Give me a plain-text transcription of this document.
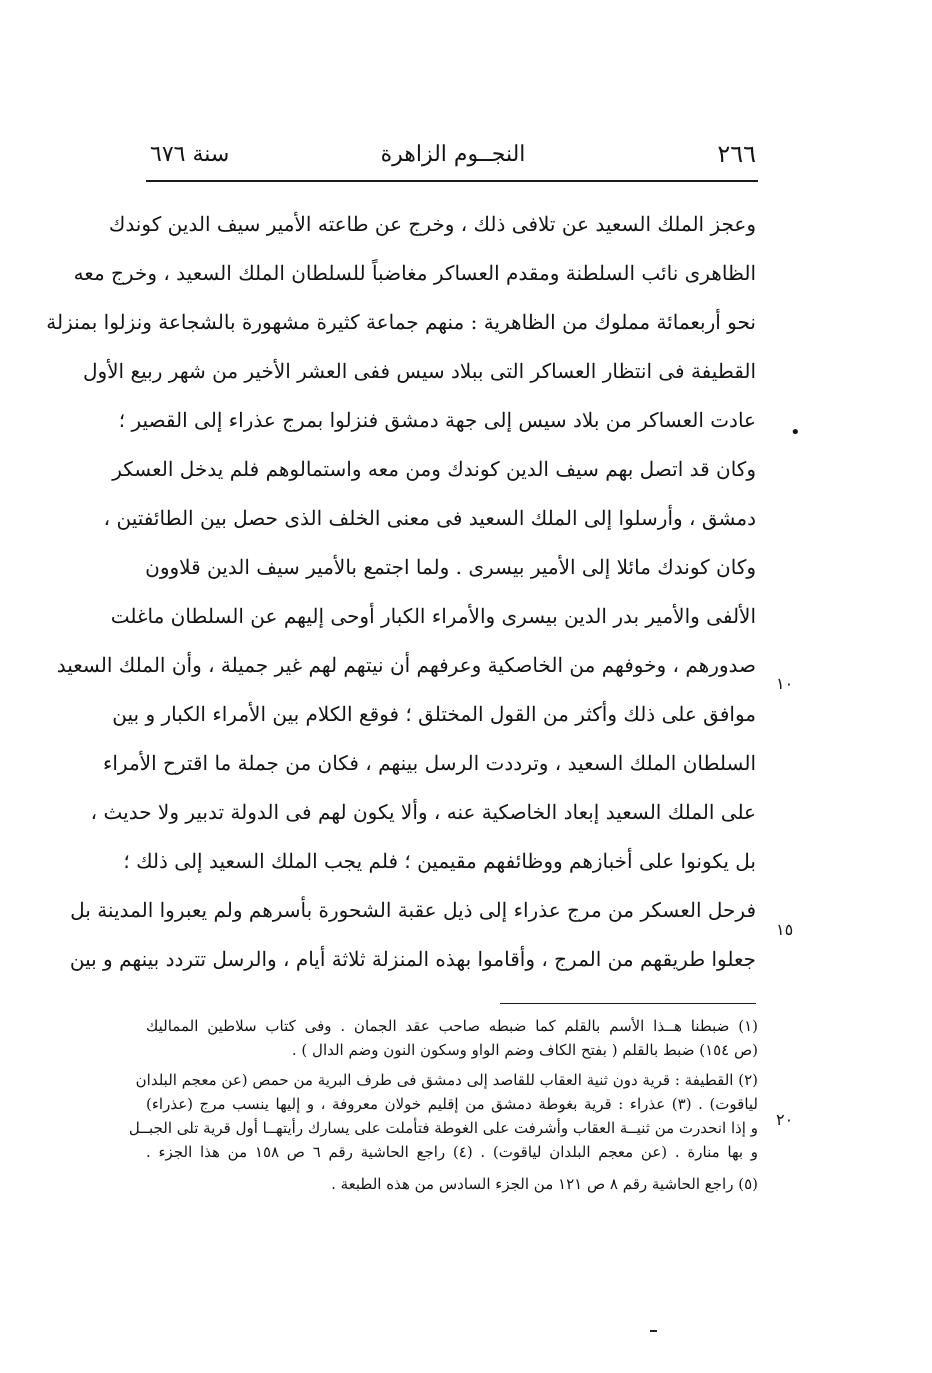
سنة ٦٧٦	النجــوم الزاهرة	٢٦٦
وعجز الملك السعيد عن تلافى ذلك ، وخرج عن طاعته الأمير سيف الدين كوندك
الظاهرى نائب السلطنة ومقدم العساكر مغاضباً للسلطان الملك السعيد ، وخرج معه
نحو أربعمائة مملوك من الظاهرية : منهم جماعة كثيرة مشهورة بالشجاعة ونزلوا بمنزلة
القطيفة فى انتظار العساكر التى ببلاد سيس ففى العشر الأخير من شهر ربيع الأول
عادت العساكر من بلاد سيس إلى جهة دمشق فنزلوا بمرج عذراء إلى القصير ؛
وكان قد اتصل بهم سيف الدين كوندك ومن معه واستمالوهم فلم يدخل العسكر
دمشق ، وأرسلوا إلى الملك السعيد فى معنى الخلف الذى حصل بين الطائفتين ،
وكان كوندك مائلا إلى الأمير بيسرى . ولما اجتمع بالأمير سيف الدين قلاوون
الألفى والأمير بدر الدين بيسرى والأمراء الكبار أوحى إليهم عن السلطان ماغلت
صدورهم ، وخوفهم من الخاصكية وعرفهم أن نيتهم لهم غير جميلة ، وأن الملك السعيد
موافق على ذلك وأكثر من القول المختلق ؛ فوقع الكلام بين الأمراء الكبار و بين
السلطان الملك السعيد ، وترددت الرسل بينهم ، فكان من جملة ما اقترح الأمراء
على الملك السعيد إبعاد الخاصكية عنه ، وألا يكون لهم فى الدولة تدبير ولا حديث ،
بل يكونوا على أخبازهم ووظائفهم مقيمين ؛ فلم يجب الملك السعيد إلى ذلك ؛
فرحل العسكر من مرج عذراء إلى ذيل عقبة الشحورة بأسرهم ولم يعبروا المدينة بل
جعلوا طريقهم من المرج ، وأقاموا بهذه المنزلة ثلاثة أيام ، والرسل تتردد بينهم و بين
•
١٠
١٥
٢٠
(١) ضبطنا هــذا الأسم بالقلم كما ضبطه صاحب عقد الجمان . وفى كتاب سلاطين المماليك
(ص ١٥٤) ضبط بالقلم ( بفتح الكاف وضم الواو وسكون النون وضم الدال ) .
(٢) القطيفة : قرية دون ثنية العقاب للقاصد إلى دمشق فى طرف البرية من حمص (عن معجم البلدان
لياقوت) . (٣) عذراء : قرية بغوطة دمشق من إقليم خولان معروفة ، و إليها ينسب مرج (عذراء)
و إذا انحدرت من ثنيــة العقاب وأشرفت على الغوطة فتأملت على يسارك رأيتهــا أول قرية تلى الجبــل
و بها منارة . (عن معجم البلدان لياقوت) . (٤) راجع الحاشية رقم ٦ ص ١٥٨ من هذا الجزء .
(٥) راجع الحاشية رقم ٨ ص ١٢١ من الجزء السادس من هذه الطبعة .
